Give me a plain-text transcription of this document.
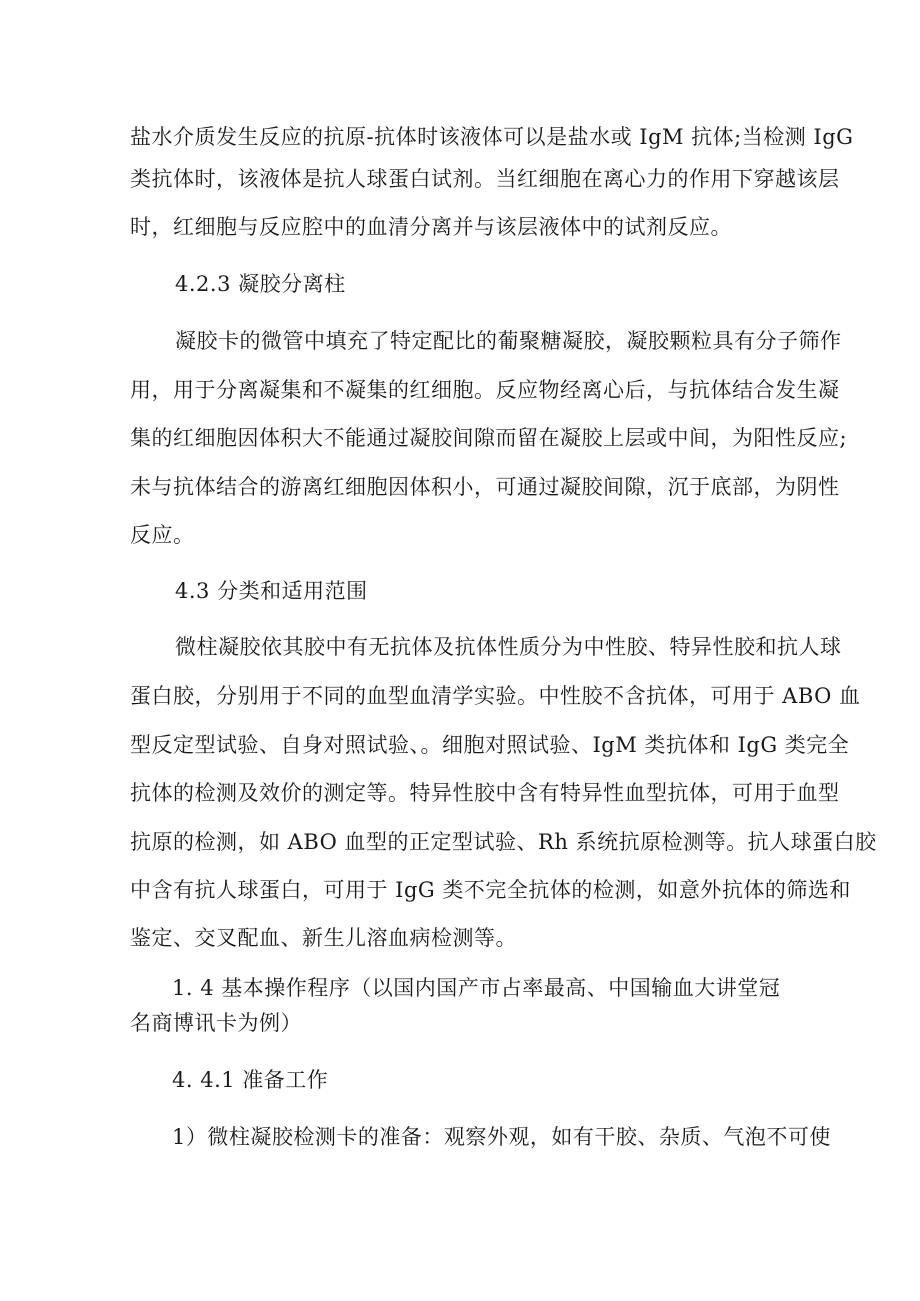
盐水介质发生反应的抗原-抗体时该液体可以是盐水或 IgM 抗体;当检测 IgG
类抗体时，该液体是抗人球蛋白试剂。当红细胞在离心力的作用下穿越该层
时，红细胞与反应腔中的血清分离并与该层液体中的试剂反应。
4.2.3 凝胶分离柱
凝胶卡的微管中填充了特定配比的葡聚糖凝胶，凝胶颗粒具有分子筛作
用，用于分离凝集和不凝集的红细胞。反应物经离心后，与抗体结合发生凝
集的红细胞因体积大不能通过凝胶间隙而留在凝胶上层或中间，为阳性反应;
未与抗体结合的游离红细胞因体积小，可通过凝胶间隙，沉于底部，为阴性
反应。
4.3 分类和适用范围
微柱凝胶依其胶中有无抗体及抗体性质分为中性胶、特异性胶和抗人球
蛋白胶，分别用于不同的血型血清学实验。中性胶不含抗体，可用于 ABO 血
型反定型试验、自身对照试验、。细胞对照试验、IgM 类抗体和 IgG 类完全
抗体的检测及效价的测定等。特异性胶中含有特异性血型抗体，可用于血型
抗原的检测，如 ABO 血型的正定型试验、Rh 系统抗原检测等。抗人球蛋白胶
中含有抗人球蛋白，可用于 IgG 类不完全抗体的检测，如意外抗体的筛选和
鉴定、交叉配血、新生儿溶血病检测等。
1. 4 基本操作程序（以国内国产市占率最高、中国输血大讲堂冠
名商博讯卡为例）
4. 4.1 准备工作
1）微柱凝胶检测卡的准备：观察外观，如有干胶、杂质、气泡不可使
